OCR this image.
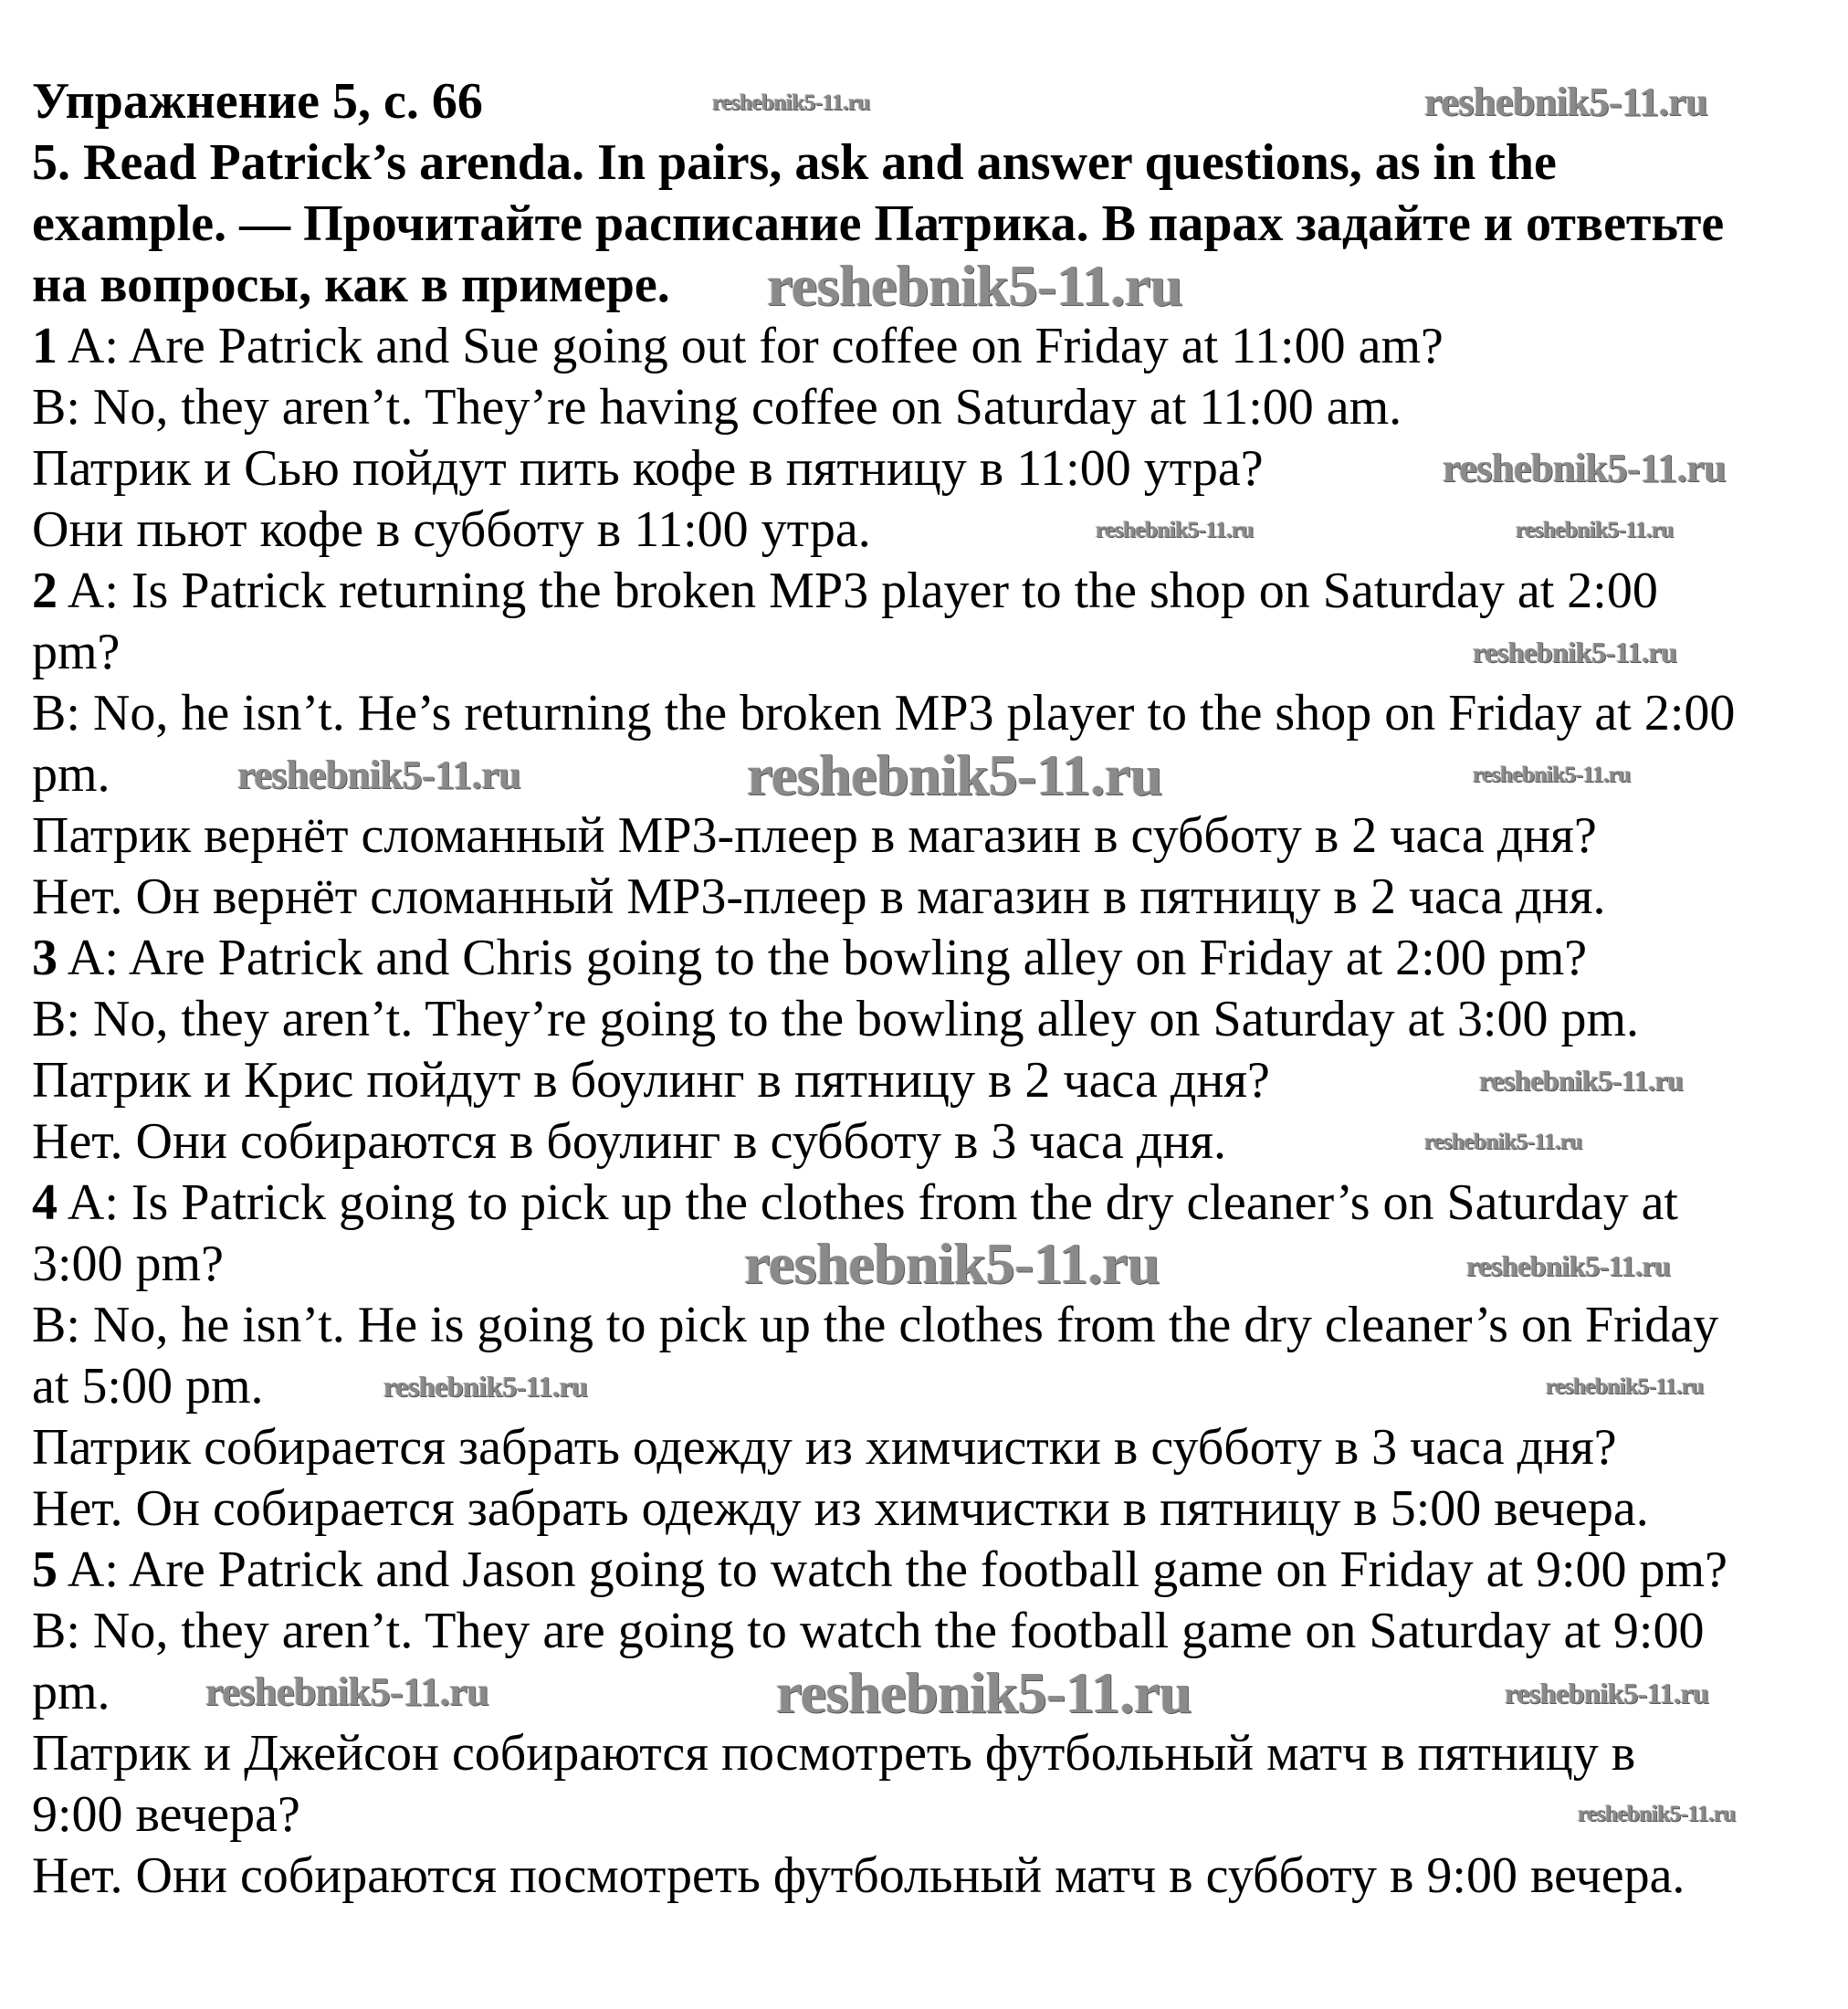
Упражнение 5, с. 66
5. Read Patrick’s arenda. In pairs, ask and answer questions, as in the
example. — Прочитайте расписание Патрика. В парах задайте и ответьте
на вопросы, как в примере.
1 A: Are Patrick and Sue going out for coffee on Friday at 11:00 am?
B: No, they aren’t. They’re having coffee on Saturday at 11:00 am.
Патрик и Сью пойдут пить кофе в пятницу в 11:00 утра?
Они пьют кофе в субботу в 11:00 утра.
2 A: Is Patrick returning the broken MP3 player to the shop on Saturday at 2:00
pm?
B: No, he isn’t. He’s returning the broken MP3 player to the shop on Friday at 2:00
pm.
Патрик вернёт сломанный MP3-плеер в магазин в субботу в 2 часа дня?
Нет. Он вернёт сломанный MP3-плеер в магазин в пятницу в 2 часа дня.
3 A: Are Patrick and Chris going to the bowling alley on Friday at 2:00 pm?
B: No, they aren’t. They’re going to the bowling alley on Saturday at 3:00 pm.
Патрик и Крис пойдут в боулинг в пятницу в 2 часа дня?
Нет. Они собираются в боулинг в субботу в 3 часа дня.
4 A: Is Patrick going to pick up the clothes from the dry cleaner’s on Saturday at
3:00 pm?
B: No, he isn’t. He is going to pick up the clothes from the dry cleaner’s on Friday
at 5:00 pm.
Патрик собирается забрать одежду из химчистки в субботу в 3 часа дня?
Нет. Он собирается забрать одежду из химчистки в пятницу в 5:00 вечера.
5 A: Are Patrick and Jason going to watch the football game on Friday at 9:00 pm?
B: No, they aren’t. They are going to watch the football game on Saturday at 9:00
pm.
Патрик и Джейсон собираются посмотреть футбольный матч в пятницу в
9:00 вечера?
Нет. Они собираются посмотреть футбольный матч в субботу в 9:00 вечера.
reshebnik5-11.ru
reshebnik5-11.ru
reshebnik5-11.ru
reshebnik5-11.ru
reshebnik5-11.ru
reshebnik5-11.ru
reshebnik5-11.ru
reshebnik5-11.ru	reshebnik5-11.ru	reshebnik5-11.ru
reshebnik5-11.ru
reshebnik5-11.ru
reshebnik5-11.ru	reshebnik5-11.ru
reshebnik5-11.ru	reshebnik5-11.ru
reshebnik5-11.ru	reshebnik5-11.ru	reshebnik5-11.ru
reshebnik5-11.ru
